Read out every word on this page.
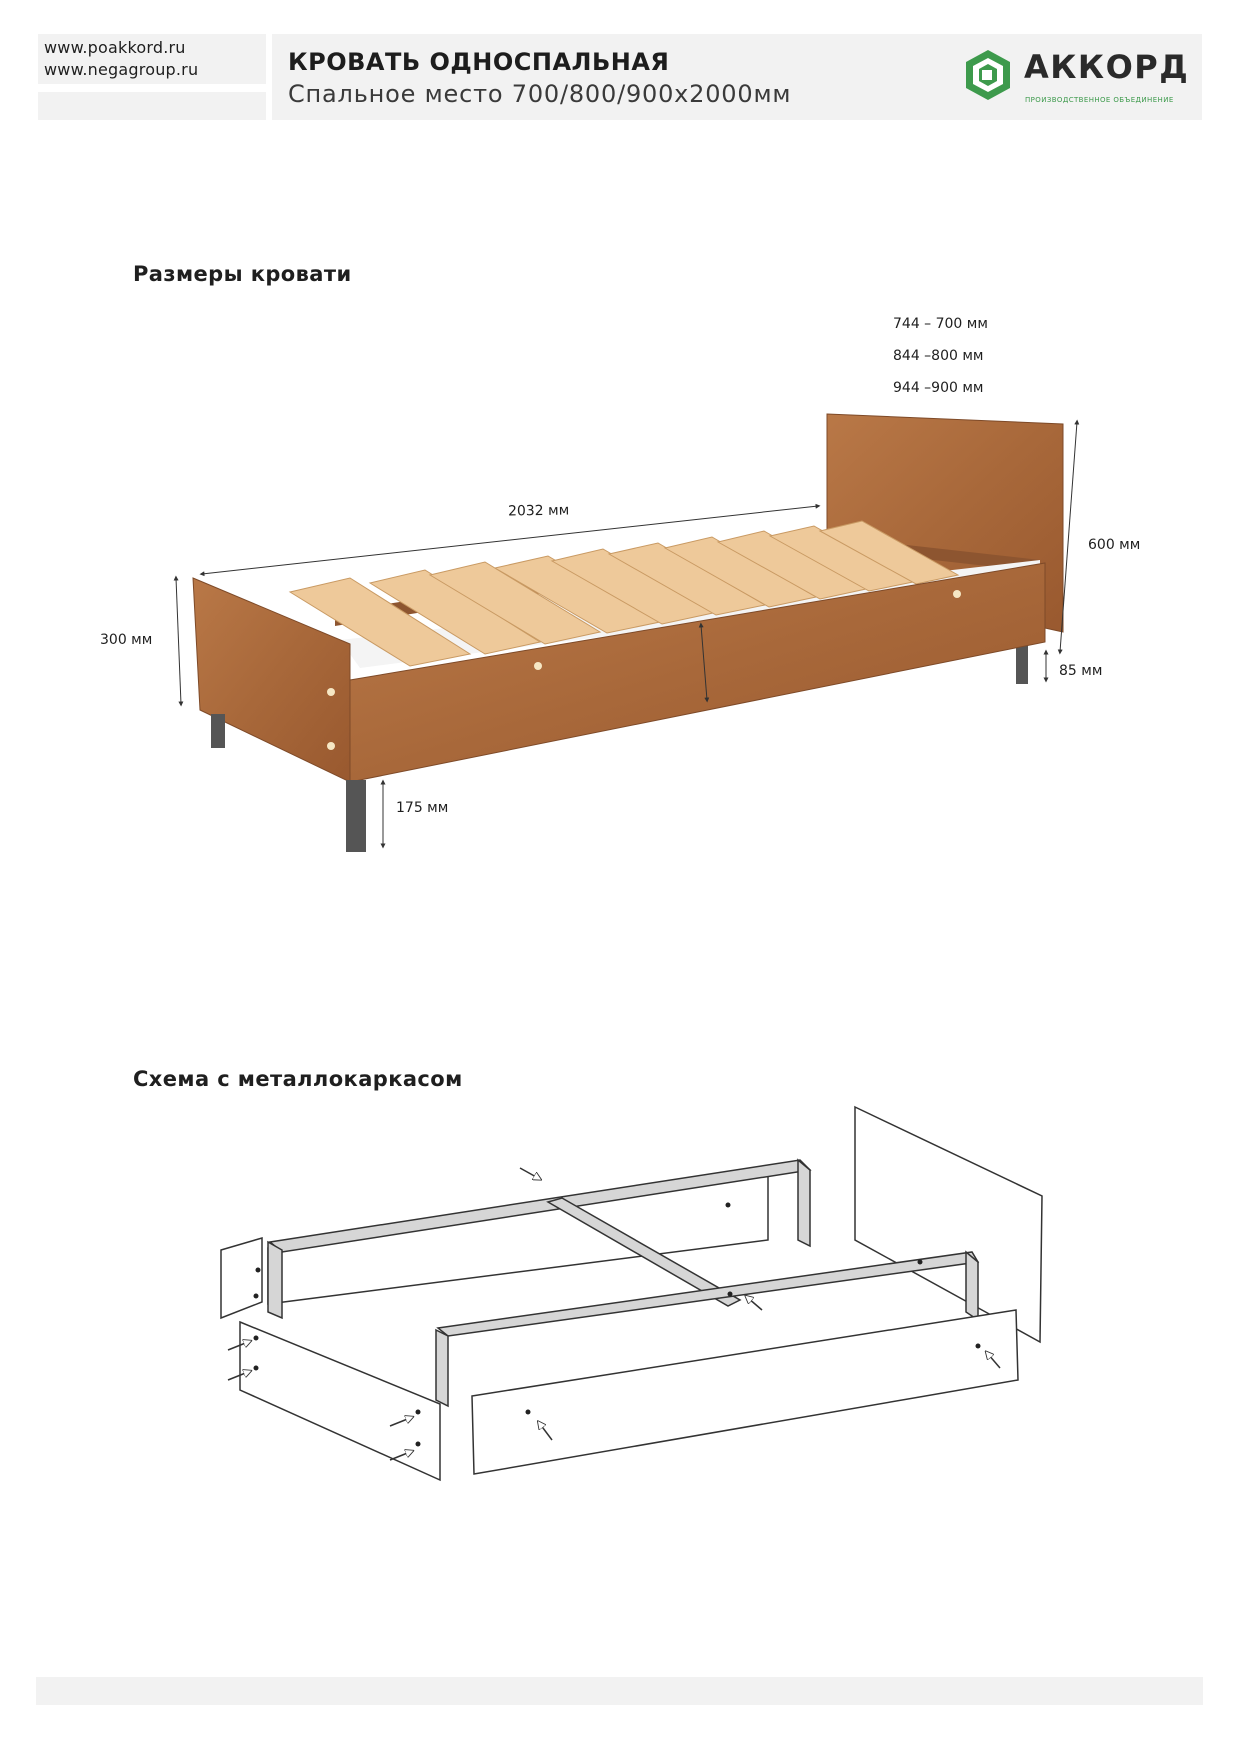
www.poakkord.ru
www.negagroup.ru	КРОВАТЬ ОДНОСПАЛЬНАЯ
Спальное место 700/800/900х2000мм
АККОРД
ПРОИЗВОДСТВЕННОЕ ОБЪЕДИНЕНИЕ
Размеры кровати
744 – 700 мм
844 –800 мм
944 –900 мм
2032 мм
600 мм
300 мм
85 мм
175 мм
Схема с металлокаркасом
